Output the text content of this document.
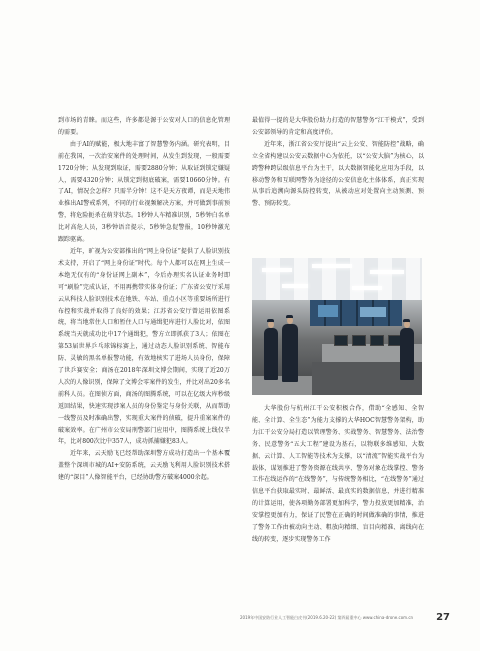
到市场的青睐。而这些，许多都是源于公安对人口的信息化管理的需要。

由于AI的赋能，极大地丰富了智慧警务内涵。研究表明，目前在我国，一次治安案件的处理时间，从发生到发现，一般需要1720分钟；从发现到取证，需要2880分钟；从取证到锁定嫌疑人，需要4320分钟；从锁定到彻底破案，需要10660分钟。有了AI，情况会怎样？只需半分钟！这不是天方夜谭，而是天地伟业推出AI警戒系列，不同的行业视频解决方案，并可做到事前预警，将危险扼杀在萌芽状态。1秒钟人车精准识别，5秒钟白名单比对高危人员，3秒钟语音提示，5秒钟急促警报，10秒钟激光跟踪驱离。

近年，旷视为公安部推出的“网上身份证”提供了人脸识别技术支持，开启了“网上身份证”时代。每个人都可以在网上生成一本绝无仅有的“身份证网上副本”，今后办理实名认证业务时即可“刷脸”完成认证，不用再携带实体身份证；广东省公安厅采用云从科技人脸识别技术在地铁、车站、重点小区等重要场所进行布控和实战并取得了良好的效果；江苏省公安厅曾运用依图系统，将当地常住人口和暂住人口与通缉犯库进行人脸比对，依图系统当天就成功比中17个通缉犯，警方立即抓获了3人；依图在第53届世界乒乓球锦标赛上，通过动态人脸识别系统、智能布防、灵敏的黑名单报警功能，有效地核实了进场人员身份，保障了世乒赛安全；商汤在2018年深圳文博会期间，实现了近20万人次的人像识别，保障了文博会零案件的发生，并比对出20多名前科人员。在图侦方面，商汤的图腾系统，可以在亿级大库秒级返回结果，快速实现涉案人员的身份鉴定与身份关联，从而帮助一线警员及时准确出警，实现重大案件的侦破，提升重案案件的破案效率。在广州市公安局刑警部门应用中，图腾系统上线仅半年，比对800次比中357人，成功抓捕嫌犯83人。

近年来，云天励飞已经帮助深圳警方成功打造出一个基本覆盖整个深圳市城的AI+安防系统，云天励飞利用人脸识别技术搭建的“深目”人像智能平台，已经协助警方破案4000余起。

最值得一提的是大华股份助力打造的智慧警务“江干模式”，受到公安部领导的肯定和高度评价。

近年来，浙江省公安厅提出“云上公安、智能防控”战略，确立全省构建以公安云数据中心为依托，以“公安大脑”为核心，以跨警种跨层级信息平台为主干，以大数据智能化应用为手段，以移动警务和互联网警务为途径的公安信息化主体体系，真正实现从事后追溯向源头防控转变，从被动应对处置向主动预测、预警、预防转变。

大华股份与杭州江干公安积极合作，借助“全感知、全智能、全计算、全生态”为能力支撑的大华HOC智慧警务架构，助力江干公安分局打造以管理警务、实战警务、智慧警务、法治警务、民意警务“五大工程”建设为基石，以物联多维感知、大数据、云计算、人工智能等技术为支撑，以“清流”智能实战平台为载体，谋划推进了警务资源在线共享、警务对象在线掌控、警务工作在线运作的“在线警务”，与传统警务相比，“在线警务”通过信息平台获取最实时、最鲜活、最真实的数据信息，并进行精准的计算运用，使各项勤务部署更加科学，警力投放更加精准，治安掌控更加有力，保证了民警在正确的时间做准确的事情，推进了警务工作由被动向主动、粗放向精细、盲目向精准、离线向在线的转变，逐步实现警务工作

2019年中国安防行业人工智能白皮书(2019.6.20-22) 第四届重中心 www.china-drone.com.cn 27
